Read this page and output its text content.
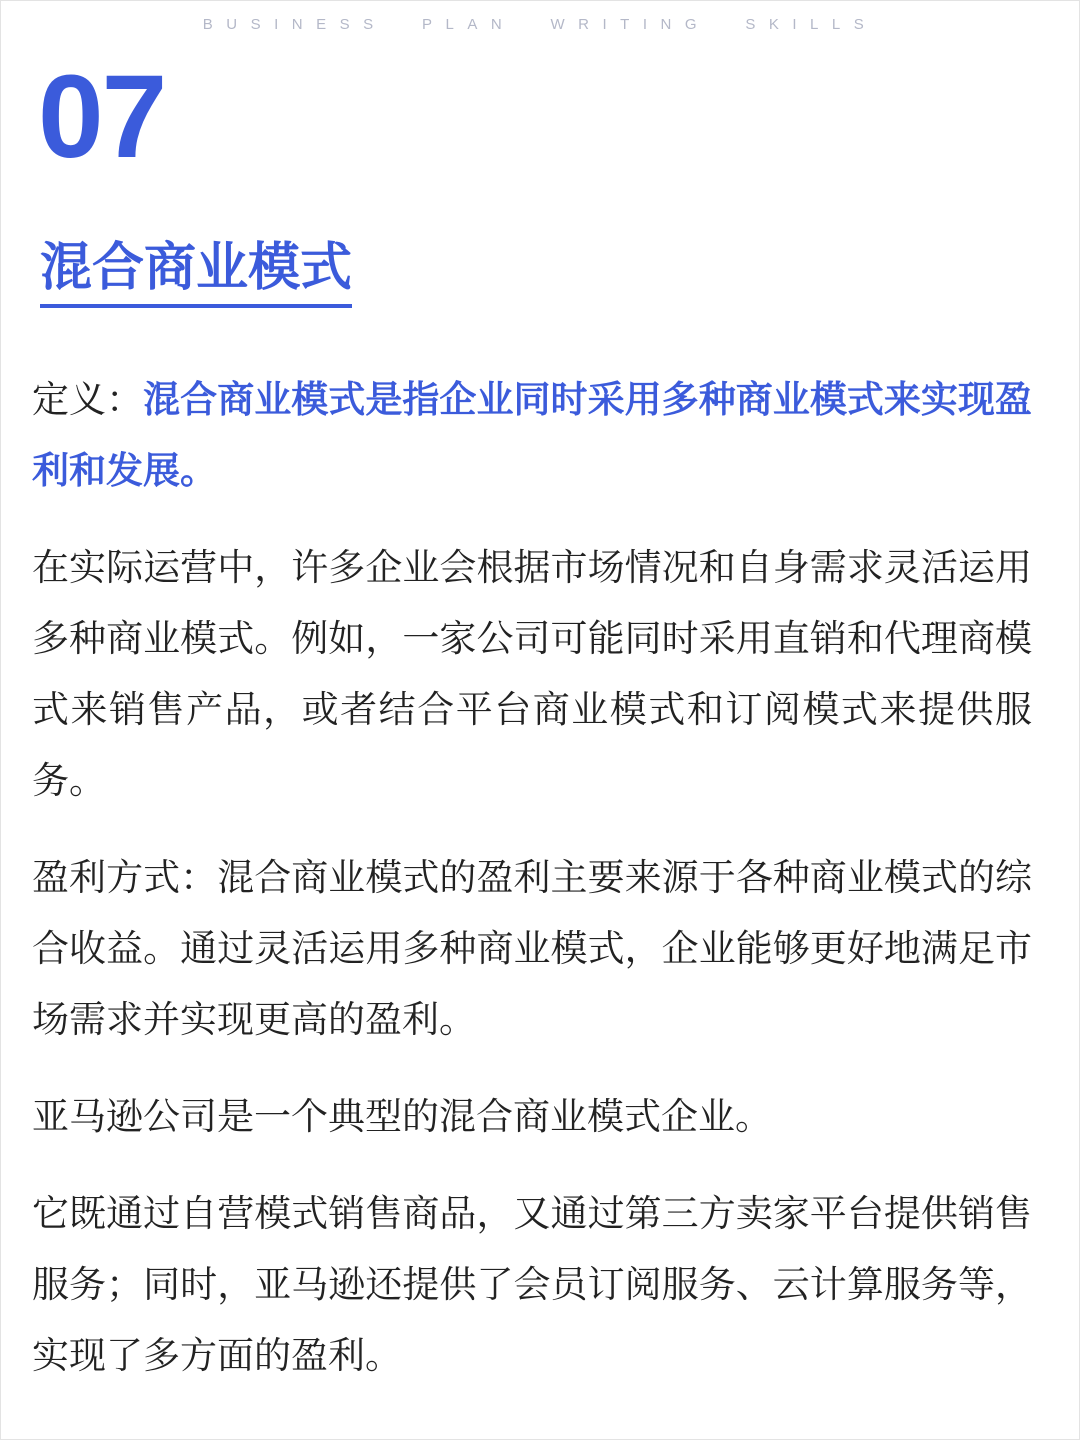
BUSINESS  PLAN  WRITING  SKILLS
07
混合商业模式

定义：混合商业模式是指企业同时采用多种商业模式来实现盈利和发展。

在实际运营中，许多企业会根据市场情况和自身需求灵活运用多种商业模式。例如，一家公司可能同时采用直销和代理商模式来销售产品，或者结合平台商业模式和订阅模式来提供服务。

盈利方式：混合商业模式的盈利主要来源于各种商业模式的综合收益。通过灵活运用多种商业模式，企业能够更好地满足市场需求并实现更高的盈利。

亚马逊公司是一个典型的混合商业模式企业。

它既通过自营模式销售商品，又通过第三方卖家平台提供销售服务；同时，亚马逊还提供了会员订阅服务、云计算服务等，实现了多方面的盈利。
